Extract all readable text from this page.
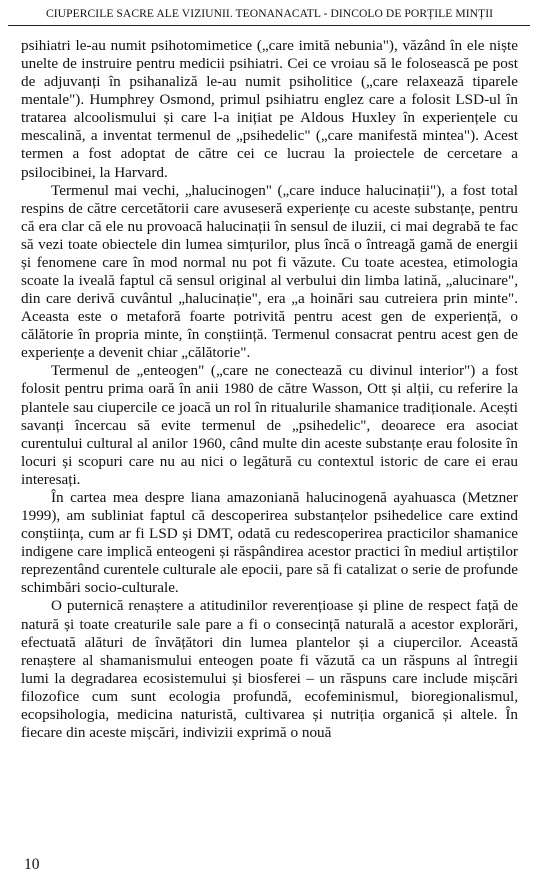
CIUPERCILE SACRE ALE VIZIUNII. TEONANACATL - DINCOLO DE PORȚILE MINȚII

psihiatri le-au numit psihotomimetice („care imită nebunia"), văzând în ele niște unelte de instruire pentru medicii psihiatri. Cei ce vroiau să le folosească pe post de adjuvanți în psihanaliză le-au numit psiholitice („care relaxează tiparele mentale"). Humphrey Osmond, primul psihiatru englez care a folosit LSD-ul în tratarea alcoolismului și care l-a inițiat pe Aldous Huxley în experiențele cu mescalină, a inventat termenul de „psihedelic" („care manifestă mintea"). Acest termen a fost adoptat de către cei ce lucrau la proiectele de cercetare a psilocibinei, la Harvard.

Termenul mai vechi, „halucinogen" („care induce halucinații"), a fost total respins de către cercetătorii care avuseseră experiențe cu aceste substanțe, pentru că era clar că ele nu provoacă halucinații în sensul de iluzii, ci mai degrabă te fac să vezi toate obiectele din lumea simțurilor, plus încă o întreagă gamă de energii și fenomene care în mod normal nu pot fi văzute. Cu toate acestea, etimologia scoate la iveală faptul că sensul original al verbului din limba latină, „alucinare", din care derivă cuvântul „halucinație", era „a hoinări sau cutreiera prin minte". Aceasta este o metaforă foarte potrivită pentru acest gen de experiență, o călătorie în propria minte, în conștiință. Termenul consacrat pentru acest gen de experiențe a devenit chiar „călătorie".

Termenul de „enteogen" („care ne conectează cu divinul interior") a fost folosit pentru prima oară în anii 1980 de către Wasson, Ott și alții, cu referire la plantele sau ciupercile ce joacă un rol în ritualurile shamanice tradiționale. Acești savanți încercau să evite termenul de „psihedelic", deoarece era asociat curentului cultural al anilor 1960, când multe din aceste substanțe erau folosite în locuri și scopuri care nu au nici o legătură cu contextul istoric de care ei erau interesați.

În cartea mea despre liana amazoniană halucinogenă ayahuasca (Metzner 1999), am subliniat faptul că descoperirea substanțelor psihedelice care extind conștiința, cum ar fi LSD și DMT, odată cu redescoperirea practicilor shamanice indigene care implică enteogeni și răspândirea acestor practici în mediul artiștilor reprezentând curentele culturale ale epocii, pare să fi catalizat o serie de profunde schimbări socio-culturale.

O puternică renaștere a atitudinilor reverențioase și pline de respect față de natură și toate creaturile sale pare a fi o consecință naturală a acestor explorări, efectuată alături de învățători din lumea plantelor și a ciupercilor. Această renaștere al shamanismului enteogen poate fi văzută ca un răspuns al întregii lumi la degradarea ecosistemului și biosferei – un răspuns care include mișcări filozofice cum sunt ecologia profundă, ecofeminismul, bioregionalismul, ecopsihologia, medicina naturistă, cultivarea și nutriția organică și altele. În fiecare din aceste mișcări, indivizii exprimă o nouă

10
